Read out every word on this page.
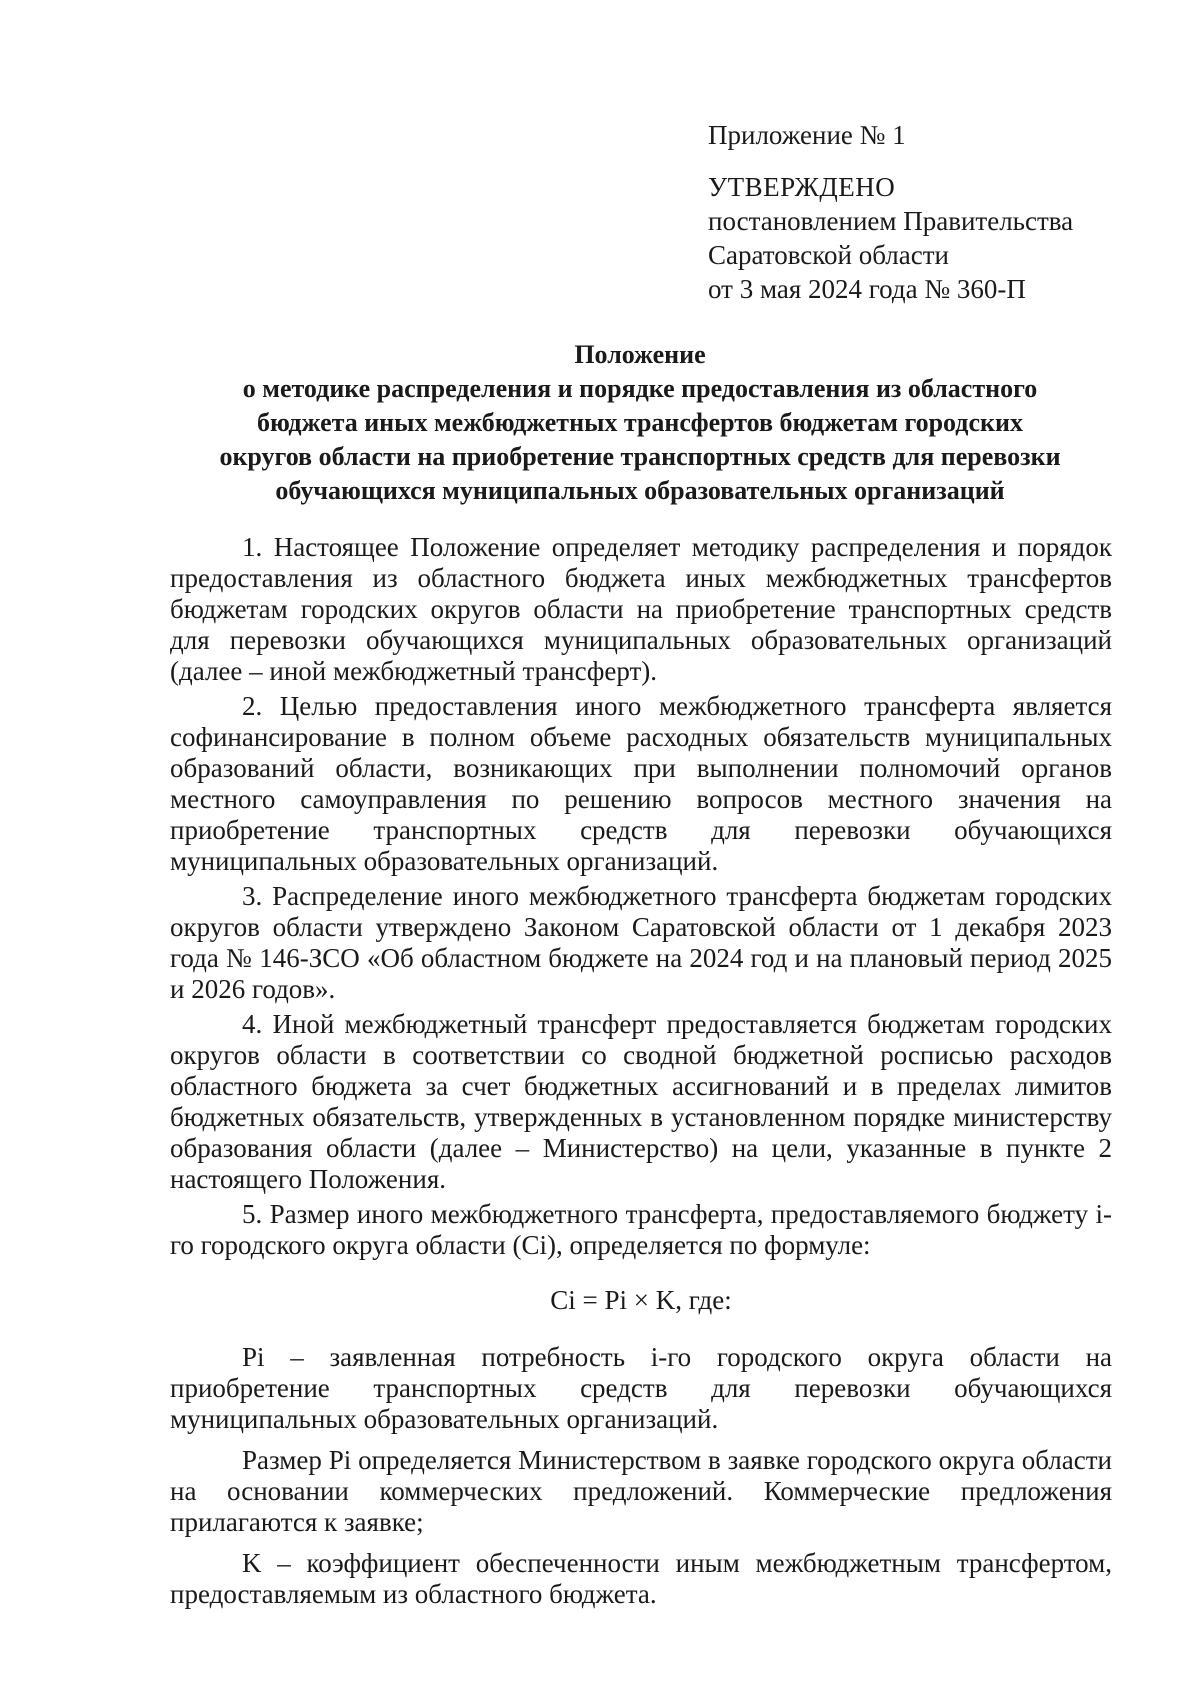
Приложение № 1
УТВЕРЖДЕНО
постановлением Правительства
Саратовской области
от 3 мая 2024 года № 360-П
Положение
о методике распределения и порядке предоставления из областного
бюджета иных межбюджетных трансфертов бюджетам городских
округов области на приобретение транспортных средств для перевозки
обучающихся муниципальных образовательных организаций

1. Настоящее Положение определяет методику распределения и порядок предоставления из областного бюджета иных межбюджетных трансфертов бюджетам городских округов области на приобретение транспортных средств для перевозки обучающихся муниципальных образовательных организаций (далее – иной межбюджетный трансферт).

2. Целью предоставления иного межбюджетного трансферта является софинансирование в полном объеме расходных обязательств муниципальных образований области, возникающих при выполнении полномочий органов местного самоуправления по решению вопросов местного значения на приобретение транспортных средств для перевозки обучающихся муниципальных образовательных организаций.

3. Распределение иного межбюджетного трансферта бюджетам городских округов области утверждено Законом Саратовской области от 1 декабря 2023 года № 146-ЗСО «Об областном бюджете на 2024 год и на плановый период 2025 и 2026 годов».

4. Иной межбюджетный трансферт предоставляется бюджетам городских округов области в соответствии со сводной бюджетной росписью расходов областного бюджета за счет бюджетных ассигнований и в пределах лимитов бюджетных обязательств, утвержденных в установленном порядке министерству образования области (далее – Министерство) на цели, указанные в пункте 2 настоящего Положения.

5. Размер иного межбюджетного трансферта, предоставляемого бюджету i-го городского округа области (Ci), определяется по формуле:

Ci = Pi × K, где:

Pi – заявленная потребность i-го городского округа области на приобретение транспортных средств для перевозки обучающихся муниципальных образовательных организаций.

Размер Pi определяется Министерством в заявке городского округа области на основании коммерческих предложений. Коммерческие предложения прилагаются к заявке;

K – коэффициент обеспеченности иным межбюджетным трансфертом, предоставляемым из областного бюджета.
